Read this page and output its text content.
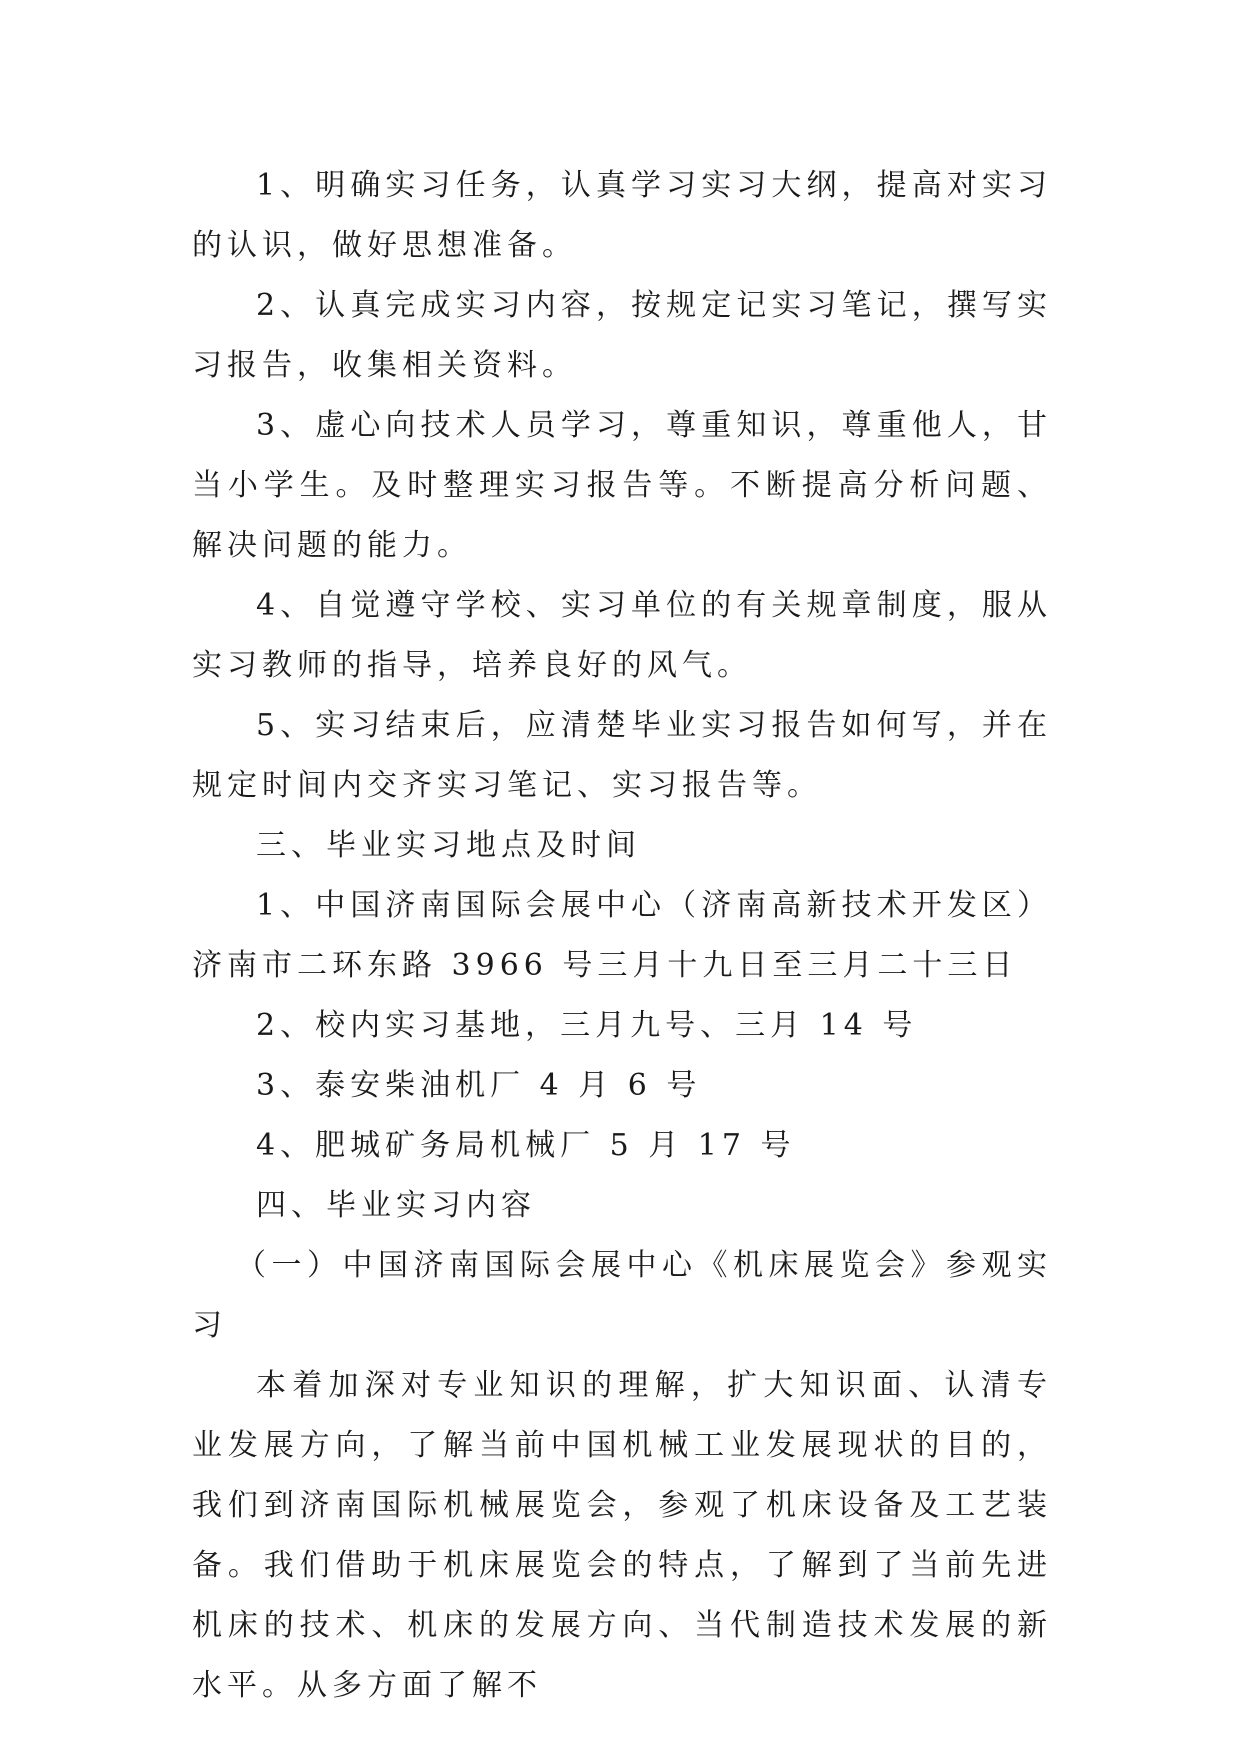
1、明确实习任务，认真学习实习大纲，提高对实习的认识，做好思想准备。

2、认真完成实习内容，按规定记实习笔记，撰写实习报告，收集相关资料。

3、虚心向技术人员学习，尊重知识，尊重他人，甘当小学生。及时整理实习报告等。不断提高分析问题、解决问题的能力。

4、自觉遵守学校、实习单位的有关规章制度，服从实习教师的指导，培养良好的风气。

5、实习结束后，应清楚毕业实习报告如何写，并在规定时间内交齐实习笔记、实习报告等。

三、毕业实习地点及时间

1、中国济南国际会展中心（济南高新技术开发区）济南市二环东路 3966 号三月十九日至三月二十三日

2、校内实习基地，三月九号、三月 14 号

3、泰安柴油机厂 4 月 6 号

4、肥城矿务局机械厂 5 月 17 号

四、毕业实习内容

（一）中国济南国际会展中心《机床展览会》参观实习

本着加深对专业知识的理解，扩大知识面、认清专业发展方向，了解当前中国机械工业发展现状的目的，我们到济南国际机械展览会，参观了机床设备及工艺装备。我们借助于机床展览会的特点，了解到了当前先进机床的技术、机床的发展方向、当代制造技术发展的新水平。从多方面了解不
